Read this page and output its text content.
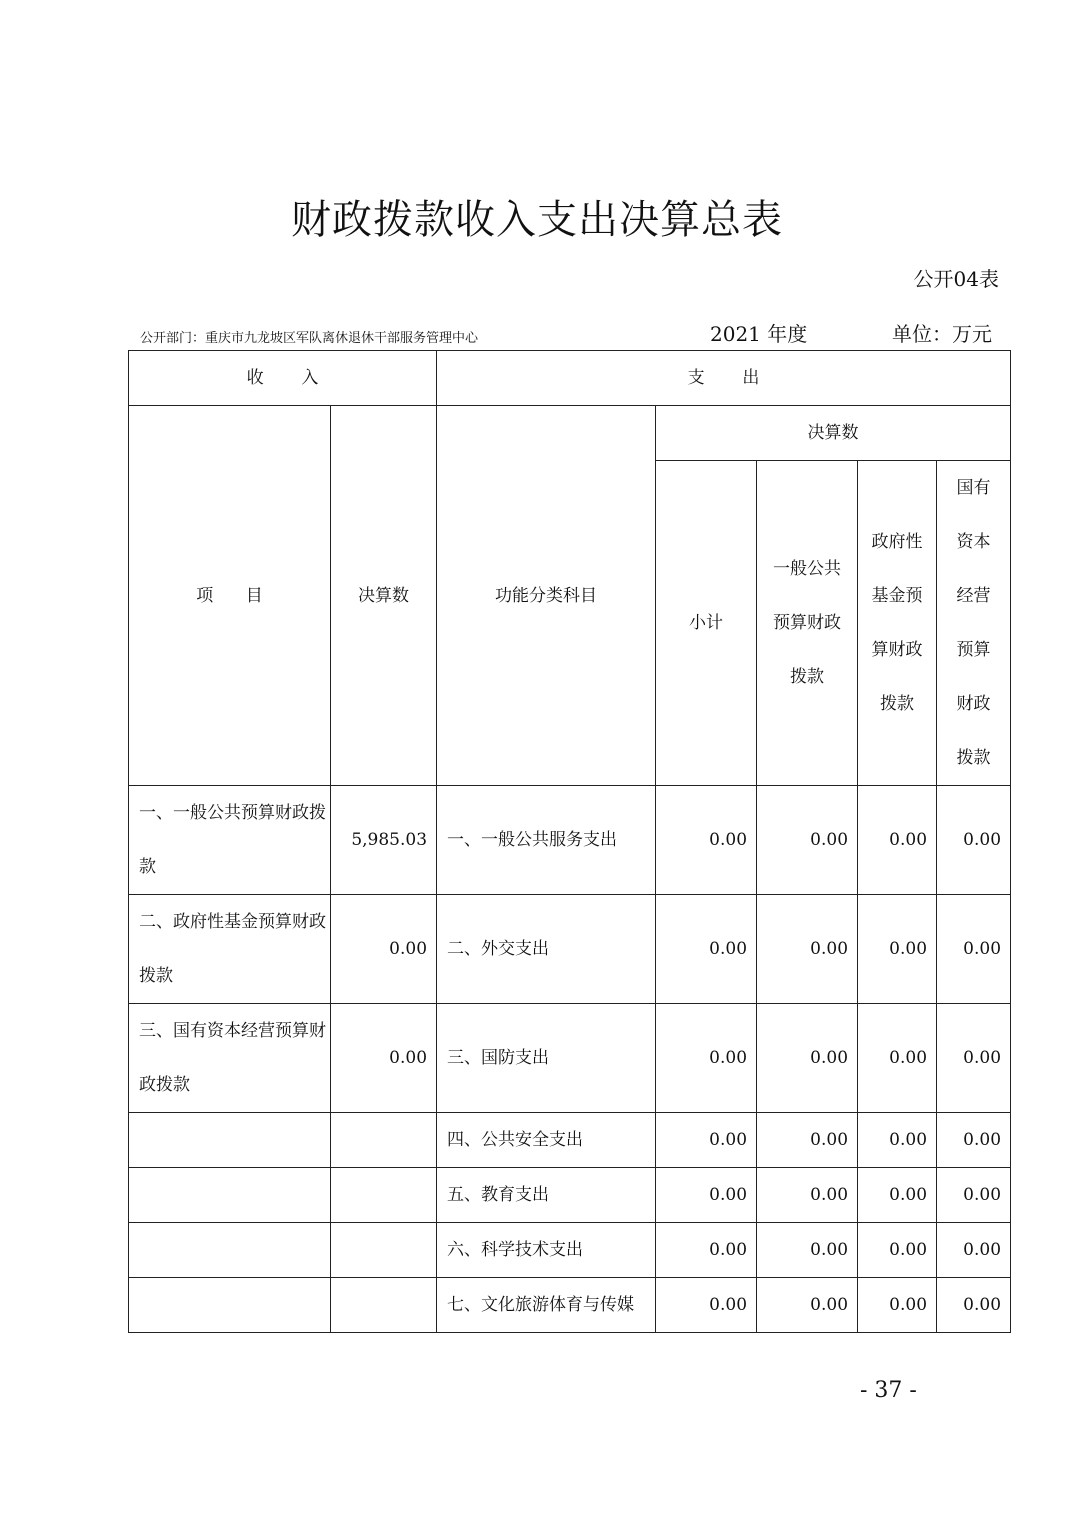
财政拨款收入支出决算总表
公开04表
公开部门：重庆市九龙坡区军队离休退休干部服务管理中心	2021 年度	单位：万元
收       入		支       出				
项      目	决算数	功能分类科目	决算数			
			小计	一般公共预算财政拨款	政府性基金预算财政拨款	国有资本经营预算财政拨款
一、一般公共预算财政拨款	5,985.03	一、一般公共服务支出	0.00	0.00	0.00	0.00
二、政府性基金预算财政拨款	0.00	二、外交支出	0.00	0.00	0.00	0.00
三、国有资本经营预算财政拨款	0.00	三、国防支出	0.00	0.00	0.00	0.00
		四、公共安全支出	0.00	0.00	0.00	0.00
		五、教育支出	0.00	0.00	0.00	0.00
		六、科学技术支出	0.00	0.00	0.00	0.00
		七、文化旅游体育与传媒	0.00	0.00	0.00	0.00
- 37 -
